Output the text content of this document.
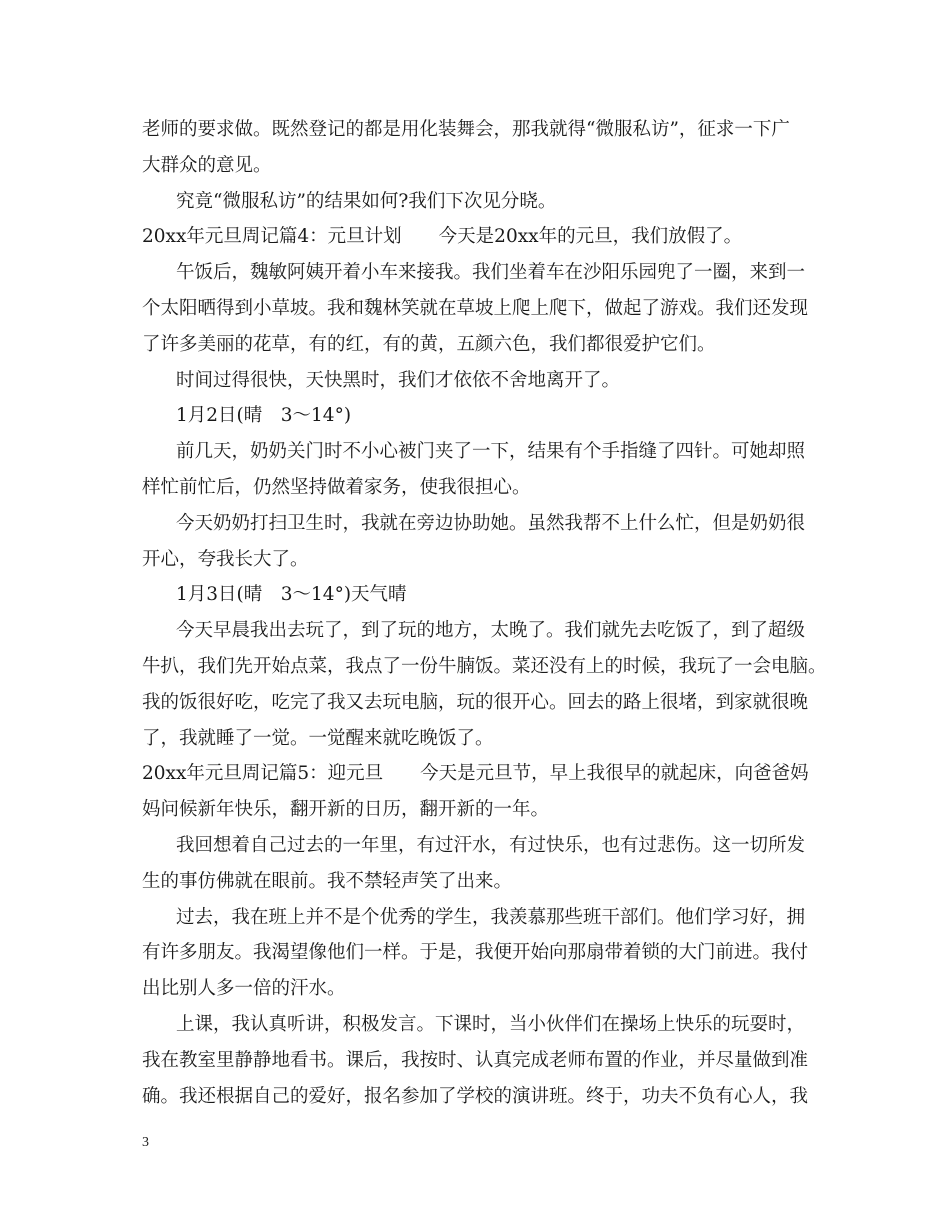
老师的要求做。既然登记的都是用化装舞会，那我就得“微服私访”，征求一下广
大群众的意见。
究竟“微服私访”的结果如何?我们下次见分晓。
20xx年元旦周记篇4：元旦计划　　今天是20xx年的元旦，我们放假了。
午饭后，魏敏阿姨开着小车来接我。我们坐着车在沙阳乐园兜了一圈，来到一
个太阳晒得到小草坡。我和魏林笑就在草坡上爬上爬下，做起了游戏。我们还发现
了许多美丽的花草，有的红，有的黄，五颜六色，我们都很爱护它们。
时间过得很快，天快黑时，我们才依依不舍地离开了。
1月2日(晴　3～14°)
前几天，奶奶关门时不小心被门夹了一下，结果有个手指缝了四针。可她却照
样忙前忙后，仍然坚持做着家务，使我很担心。
今天奶奶打扫卫生时，我就在旁边协助她。虽然我帮不上什么忙，但是奶奶很
开心，夸我长大了。
1月3日(晴　3～14°)天气晴
今天早晨我出去玩了，到了玩的地方，太晚了。我们就先去吃饭了，到了超级
牛扒，我们先开始点菜，我点了一份牛腩饭。菜还没有上的时候，我玩了一会电脑。
我的饭很好吃，吃完了我又去玩电脑，玩的很开心。回去的路上很堵，到家就很晚
了，我就睡了一觉。一觉醒来就吃晚饭了。
20xx年元旦周记篇5：迎元旦　　今天是元旦节，早上我很早的就起床，向爸爸妈
妈问候新年快乐，翻开新的日历，翻开新的一年。
我回想着自己过去的一年里，有过汗水，有过快乐，也有过悲伤。这一切所发
生的事仿佛就在眼前。我不禁轻声笑了出来。
过去，我在班上并不是个优秀的学生，我羡慕那些班干部们。他们学习好，拥
有许多朋友。我渴望像他们一样。于是，我便开始向那扇带着锁的大门前进。我付
出比别人多一倍的汗水。
上课，我认真听讲，积极发言。下课时，当小伙伴们在操场上快乐的玩耍时，
我在教室里静静地看书。课后，我按时、认真完成老师布置的作业，并尽量做到准
确。我还根据自己的爱好，报名参加了学校的演讲班。终于，功夫不负有心人，我
3
